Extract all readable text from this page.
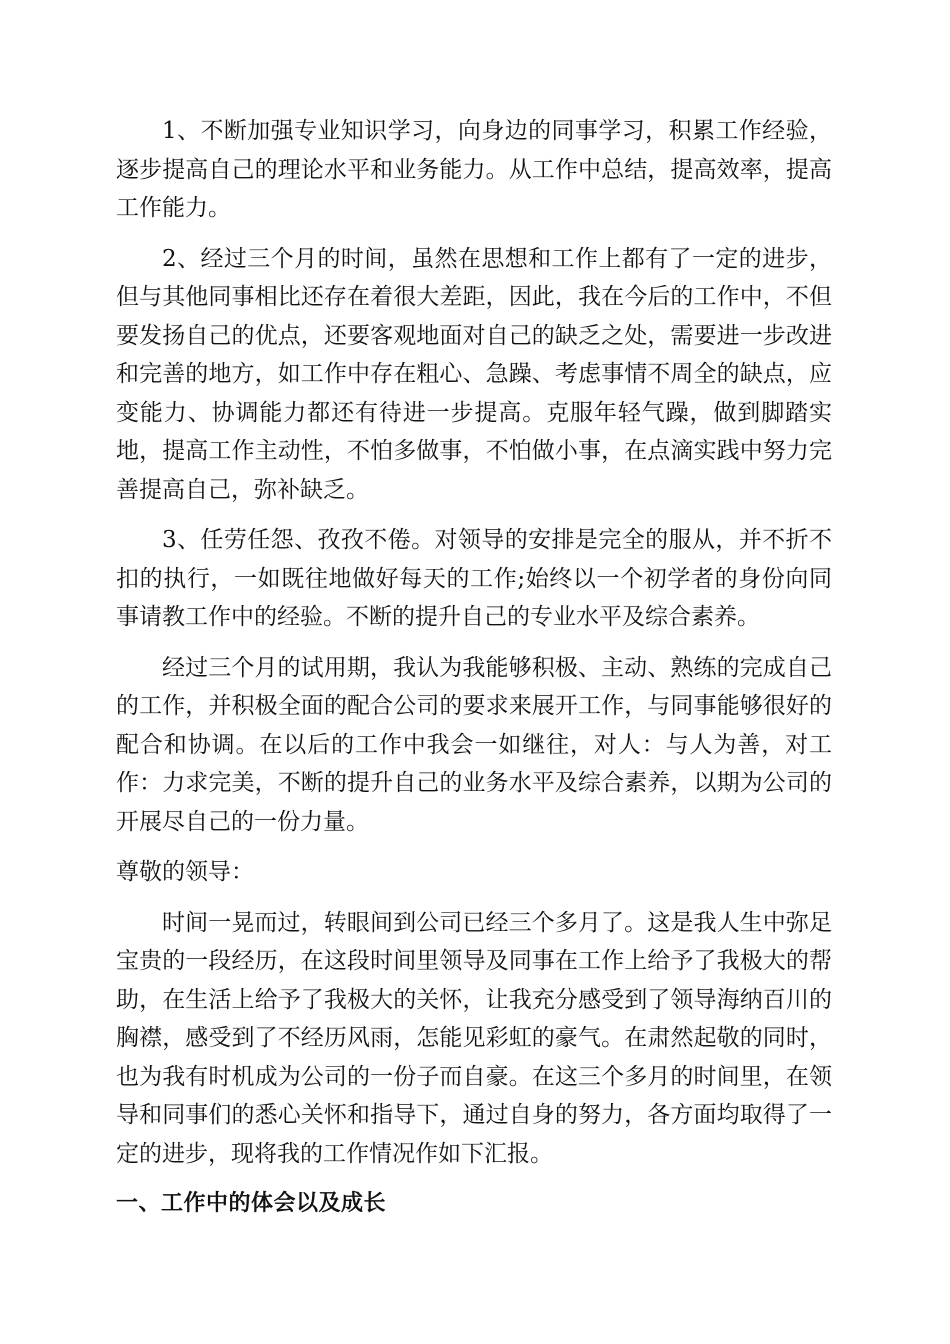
1、不断加强专业知识学习，向身边的同事学习，积累工作经验，逐步提高自己的理论水平和业务能力。从工作中总结，提高效率，提高工作能力。

2、经过三个月的时间，虽然在思想和工作上都有了一定的进步，但与其他同事相比还存在着很大差距，因此，我在今后的工作中，不但要发扬自己的优点，还要客观地面对自己的缺乏之处，需要进一步改进和完善的地方，如工作中存在粗心、急躁、考虑事情不周全的缺点，应变能力、协调能力都还有待进一步提高。克服年轻气躁，做到脚踏实地，提高工作主动性，不怕多做事，不怕做小事，在点滴实践中努力完善提高自己，弥补缺乏。

3、任劳任怨、孜孜不倦。对领导的安排是完全的服从，并不折不扣的执行，一如既往地做好每天的工作;始终以一个初学者的身份向同事请教工作中的经验。不断的提升自己的专业水平及综合素养。

经过三个月的试用期，我认为我能够积极、主动、熟练的完成自己的工作，并积极全面的配合公司的要求来展开工作，与同事能够很好的配合和协调。在以后的工作中我会一如继往，对人：与人为善，对工作：力求完美，不断的提升自己的业务水平及综合素养，以期为公司的开展尽自己的一份力量。

尊敬的领导：

时间一晃而过，转眼间到公司已经三个多月了。这是我人生中弥足宝贵的一段经历，在这段时间里领导及同事在工作上给予了我极大的帮助，在生活上给予了我极大的关怀，让我充分感受到了领导海纳百川的胸襟，感受到了不经历风雨，怎能见彩虹的豪气。在肃然起敬的同时，也为我有时机成为公司的一份子而自豪。在这三个多月的时间里，在领导和同事们的悉心关怀和指导下，通过自身的努力，各方面均取得了一定的进步，现将我的工作情况作如下汇报。

一、工作中的体会以及成长
